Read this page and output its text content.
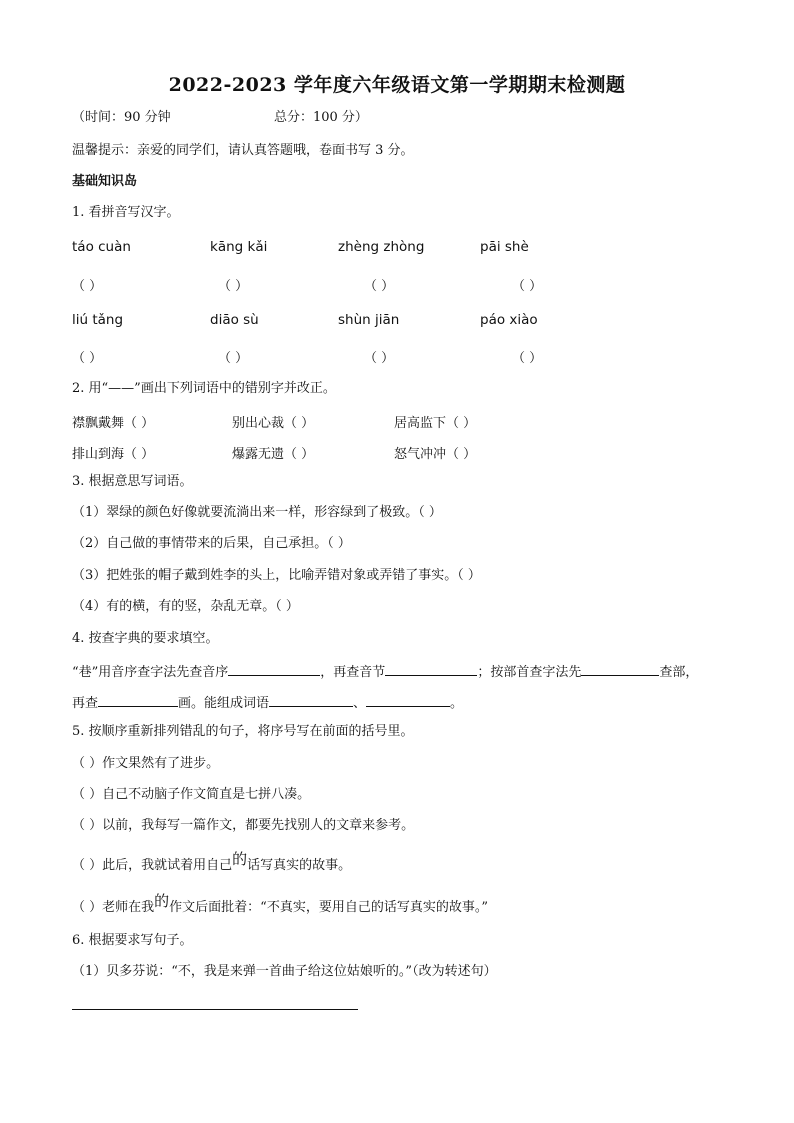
2022-2023 学年度六年级语文第一学期期末检测题
（时间：90 分钟	总分：100 分）
温馨提示：亲爱的同学们，请认真答题哦，卷面书写 3 分。
基础知识岛
1. 看拼音写汉字。
táo cuàn	kāng kǎi	zhèng zhòng	pāi shè
（ ）	（ ）	（ ）	（ ）
liú tǎng	diāo sù	shùn jiān	páo xiào
（ ）	（ ）	（ ）	（ ）
2. 用“——”画出下列词语中的错别字并改正。
襟飘戴舞（ ）	别出心裁（ ）	居高监下（ ）
排山到海（ ）	爆露无遗（ ）	怒气冲冲（ ）
3. 根据意思写词语。
（1）翠绿的颜色好像就要流淌出来一样，形容绿到了极致。（ ）
（2）自己做的事情带来的后果，自己承担。（ ）
（3）把姓张的帽子戴到姓李的头上，比喻弄错对象或弄错了事实。（ ）
（4）有的横，有的竖，杂乱无章。（ ）
4. 按查字典的要求填空。
“巷”用音序查字法先查音序	，再查音节	；按部首查字法先	查部，
再查	画。能组成词语	、	。
5. 按顺序重新排列错乱的句子，将序号写在前面的括号里。
（ ）作文果然有了进步。
（ ）自己不动脑子作文简直是七拼八凑。
（ ）以前，我每写一篇作文，都要先找别人的文章来参考。
（ ）此后，我就试着用自己的话写真实的故事。
（ ）老师在我的作文后面批着：“不真实，要用自己的话写真实的故事。”
6. 根据要求写句子。
（1）贝多芬说：“不，我是来弹一首曲子给这位姑娘听的。”（改为转述句）
